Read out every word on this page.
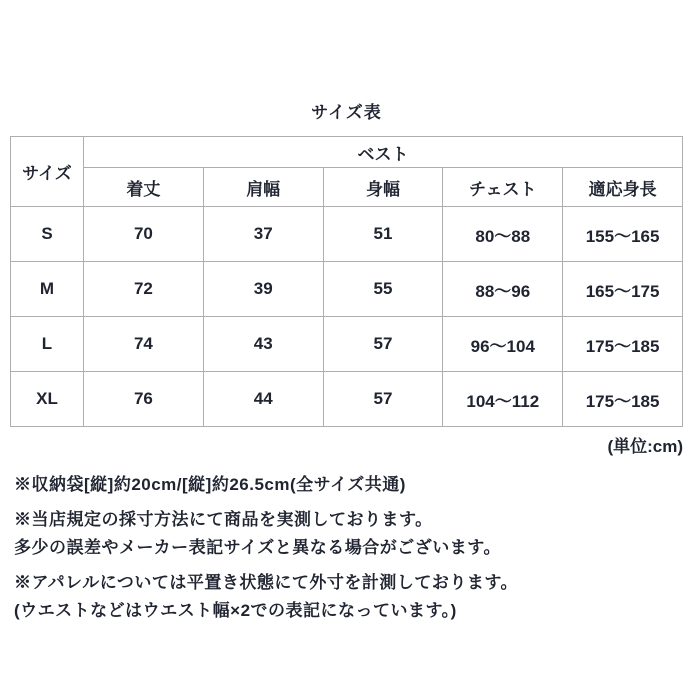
サイズ表
サイズ	ベスト				
	着丈	肩幅	身幅	チェスト	適応身長
S	70	37	51	80〜88	155〜165
M	72	39	55	88〜96	165〜175
L	74	43	57	96〜104	175〜185
XL	76	44	57	104〜112	175〜185
(単位:cm)
※収納袋[縦]約20cm/[縦]約26.5cm(全サイズ共通)
※当店規定の採寸方法にて商品を実測しております。
多少の誤差やメーカー表記サイズと異なる場合がございます。
※アパレルについては平置き状態にて外寸を計測しております。
(ウエストなどはウエスト幅×2での表記になっています。)
